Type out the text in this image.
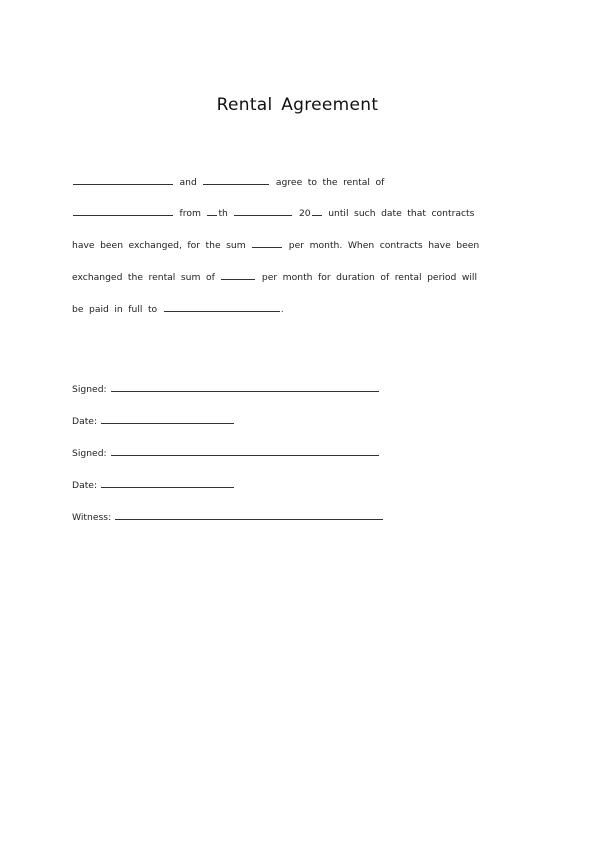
Rental Agreement
and	agree to the rental of
from th	20 until such date that contracts
have been exchanged, for the sum	per month. When contracts have been
exchanged the rental sum of	per month for duration of rental period will
be paid in full to	.
Signed:
Date:
Signed:
Date:
Witness:
